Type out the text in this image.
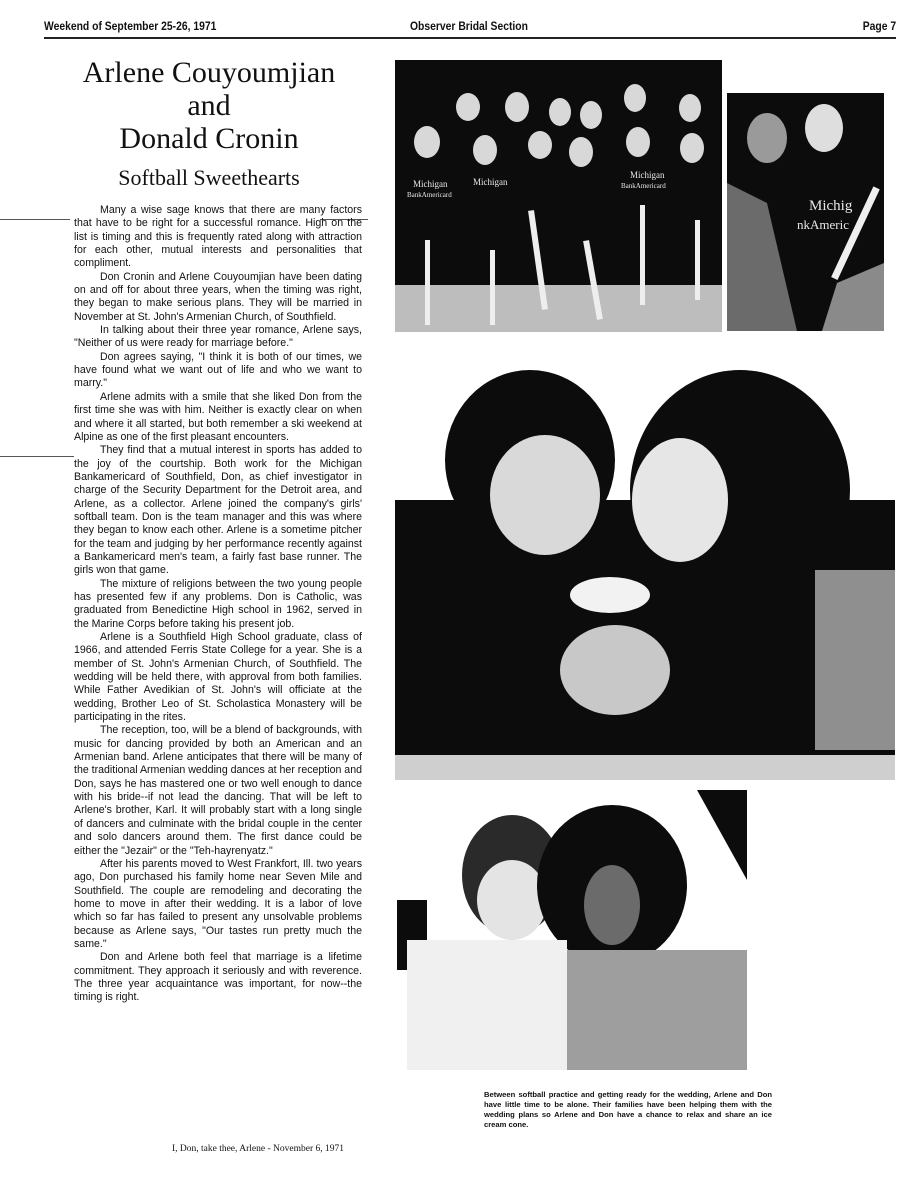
Weekend of September 25-26, 1971	Observer Bridal Section	Page 7
Arlene Couyoumjian
and
Donald Cronin
Softball Sweethearts

Many a wise sage knows that there are many factors that have to be right for a successful romance. High on the list is timing and this is frequently rated along with attraction for each other, mutual interests and personalities that compliment.

Don Cronin and Arlene Couyoumjian have been dating on and off for about three years, when the timing was right, they began to make serious plans. They will be married in November at St. John's Armenian Church, of Southfield.

In talking about their three year romance, Arlene says, "Neither of us were ready for marriage before."

Don agrees saying, "I think it is both of our times, we have found what we want out of life and who we want to marry."

Arlene admits with a smile that she liked Don from the first time she was with him. Neither is exactly clear on when and where it all started, but both remember a ski weekend at Alpine as one of the first pleasant encounters.

They find that a mutual interest in sports has added to the joy of the courtship. Both work for the Michigan Bankamericard of Southfield, Don, as chief investigator in charge of the Security Department for the Detroit area, and Arlene, as a collector. Arlene joined the company's girls' softball team. Don is the team manager and this was where they began to know each other. Arlene is a sometime pitcher for the team and judging by her performance recently against a Bankamericard men's team, a fairly fast base runner. The girls won that game.

The mixture of religions between the two young people has presented few if any problems. Don is Catholic, was graduated from Benedictine High school in 1962, served in the Marine Corps before taking his present job.

Arlene is a Southfield High School graduate, class of 1966, and attended Ferris State College for a year. She is a member of St. John's Armenian Church, of Southfield. The wedding will be held there, with approval from both families. While Father Avedikian of St. John's will officiate at the wedding, Brother Leo of St. Scholastica Monastery will be participating in the rites.

The reception, too, will be a blend of backgrounds, with music for dancing provided by both an American and an Armenian band. Arlene anticipates that there will be many of the traditional Armenian wedding dances at her reception and Don, says he has mastered one or two well enough to dance with his bride--if not lead the dancing. That will be left to Arlene's brother, Karl. It will probably start with a long single of dancers and culminate with the bridal couple in the center and solo dancers around them. The first dance could be either the "Jezair" or the "Teh-hayrenyatz."

After his parents moved to West Frankfort, Ill. two years ago, Don purchased his family home near Seven Mile and Southfield. The couple are remodeling and decorating the home to move in after their wedding. It is a labor of love which so far has failed to present any unsolvable problems because as Arlene says, "Our tastes run pretty much the same."

Don and Arlene both feel that marriage is a lifetime commitment. They approach it seriously and with reverence. The three year acquaintance was important, for now--the timing is right.

I, Don, take thee, Arlene - November 6, 1971
Michigan
BankAmericard
Michigan
Michigan
BankAmericard
Michig
nkAmeric
Between softball practice and getting ready for the wedding, Arlene and Don have little time to be alone. Their families have been helping them with the wedding plans so Arlene and Don have a chance to relax and share an ice cream cone.
